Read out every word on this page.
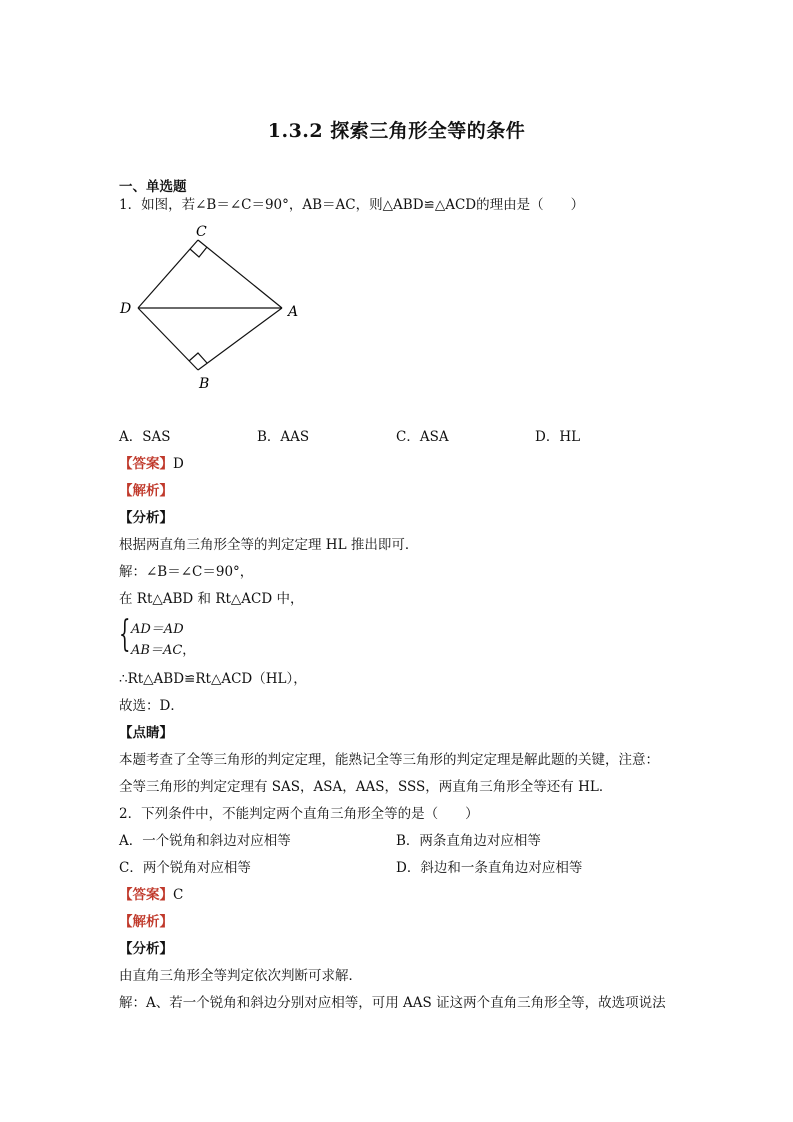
1.3.2 探索三角形全等的条件
一、单选题
1．如图，若∠B＝∠C＝90°，AB＝AC，则△ABD≌△ACD的理由是（　　）
C
D	A
B
A．SAS	B．AAS	C．ASA	D．HL
【答案】D
【解析】
【分析】
根据两直角三角形全等的判定定理 HL 推出即可．
解：∠B＝∠C＝90°，
在 Rt△ABD 和 Rt△ACD 中，
{ AD＝AD
AB＝AC，
∴Rt△ABD≌Rt△ACD（HL），
故选：D．
【点睛】
本题考查了全等三角形的判定定理，能熟记全等三角形的判定定理是解此题的关键，注意：
全等三角形的判定定理有 SAS，ASA，AAS，SSS，两直角三角形全等还有 HL．
2．下列条件中，不能判定两个直角三角形全等的是（　　）
A．一个锐角和斜边对应相等	B．两条直角边对应相等
C．两个锐角对应相等	D．斜边和一条直角边对应相等
【答案】C
【解析】
【分析】
由直角三角形全等判定依次判断可求解．
解：A、若一个锐角和斜边分别对应相等，可用 AAS 证这两个直角三角形全等，故选项说法
